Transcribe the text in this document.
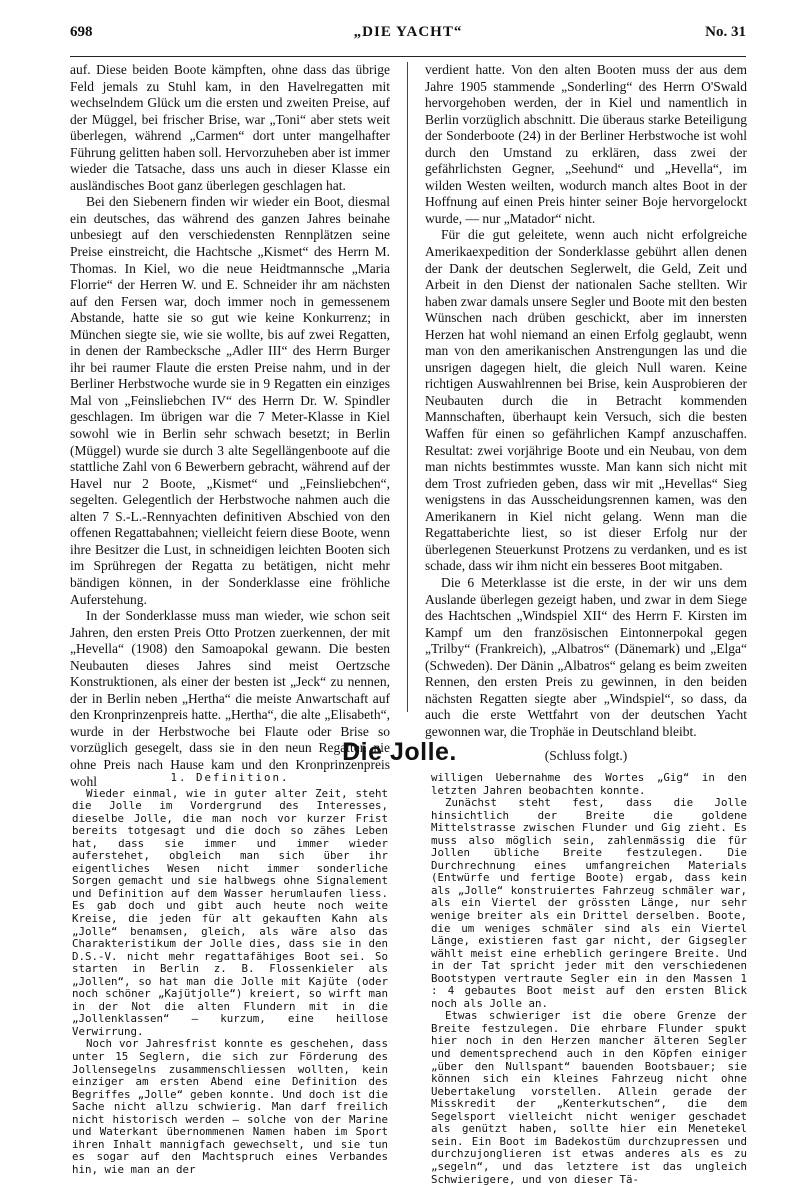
698	„DIE YACHT“	No. 31

auf. Diese beiden Boote kämpften, ohne dass das übrige Feld jemals zu Stuhl kam, in den Havelregatten mit wechselndem Glück um die ersten und zweiten Preise, auf der Müggel, bei frischer Brise, war „Toni“ aber stets weit überlegen, während „Carmen“ dort unter mangelhafter Führung gelitten haben soll. Hervorzuheben aber ist immer wieder die Tatsache, dass uns auch in dieser Klasse ein ausländisches Boot ganz überlegen geschlagen hat.

Bei den Siebenern finden wir wieder ein Boot, diesmal ein deutsches, das während des ganzen Jahres beinahe unbesiegt auf den verschiedensten Rennplätzen seine Preise einstreicht, die Hachtsche „Kismet“ des Herrn M. Thomas. In Kiel, wo die neue Heidtmannsche „Maria Florrie“ der Herren W. und E. Schneider ihr am nächsten auf den Fersen war, doch immer noch in gemessenem Abstande, hatte sie so gut wie keine Konkurrenz; in München siegte sie, wie sie wollte, bis auf zwei Regatten, in denen der Rambecksche „Adler III“ des Herrn Burger ihr bei raumer Flaute die ersten Preise nahm, und in der Berliner Herbstwoche wurde sie in 9 Regatten ein einziges Mal von „Feinsliebchen IV“ des Herrn Dr. W. Spindler geschlagen. Im übrigen war die 7 Meter-Klasse in Kiel sowohl wie in Berlin sehr schwach besetzt; in Berlin (Müggel) wurde sie durch 3 alte Segellängenboote auf die stattliche Zahl von 6 Bewerbern gebracht, während auf der Havel nur 2 Boote, „Kismet“ und „Feinsliebchen“, segelten. Gelegentlich der Herbstwoche nahmen auch die alten 7 S.-L.-Rennyachten definitiven Abschied von den offenen Regattabahnen; vielleicht feiern diese Boote, wenn ihre Besitzer die Lust, in schneidigen leichten Booten sich im Sprühregen der Regatta zu betätigen, nicht mehr bändigen können, in der Sonderklasse eine fröhliche Auferstehung.

In der Sonderklasse muss man wieder, wie schon seit Jahren, den ersten Preis Otto Protzen zuerkennen, der mit „Hevella“ (1908) den Samoapokal gewann. Die besten Neubauten dieses Jahres sind meist Oertzsche Konstruktionen, als einer der besten ist „Jeck“ zu nennen, der in Berlin neben „Hertha“ die meiste Anwartschaft auf den Kronprinzenpreis hatte. „Hertha“, die alte „Elisabeth“, wurde in der Herbstwoche bei Flaute oder Brise so vorzüglich gesegelt, dass sie in den neun Regatten nie ohne Preis nach Hause kam und den Kronprinzenpreis wohl

verdient hatte. Von den alten Booten muss der aus dem Jahre 1905 stammende „Sonderling“ des Herrn O'Swald hervorgehoben werden, der in Kiel und namentlich in Berlin vorzüglich abschnitt. Die überaus starke Beteiligung der Sonderboote (24) in der Berliner Herbstwoche ist wohl durch den Umstand zu erklären, dass zwei der gefährlichsten Gegner, „Seehund“ und „Hevella“, im wilden Westen weilten, wodurch manch altes Boot in der Hoffnung auf einen Preis hinter seiner Boje hervorgelockt wurde, — nur „Matador“ nicht.

Für die gut geleitete, wenn auch nicht erfolgreiche Amerikaexpedition der Sonderklasse gebührt allen denen der Dank der deutschen Seglerwelt, die Geld, Zeit und Arbeit in den Dienst der nationalen Sache stellten. Wir haben zwar damals unsere Segler und Boote mit den besten Wünschen nach drüben geschickt, aber im innersten Herzen hat wohl niemand an einen Erfolg geglaubt, wenn man von den amerikanischen Anstrengungen las und die unsrigen dagegen hielt, die gleich Null waren. Keine richtigen Auswahlrennen bei Brise, kein Ausprobieren der Neubauten durch die in Betracht kommenden Mannschaften, überhaupt kein Versuch, sich die besten Waffen für einen so gefährlichen Kampf anzuschaffen. Resultat: zwei vorjährige Boote und ein Neubau, von dem man nichts bestimmtes wusste. Man kann sich nicht mit dem Trost zufrieden geben, dass wir mit „Hevellas“ Sieg wenigstens in das Ausscheidungsrennen kamen, was den Amerikanern in Kiel nicht gelang. Wenn man die Regattaberichte liest, so ist dieser Erfolg nur der überlegenen Steuerkunst Protzens zu verdanken, und es ist schade, dass wir ihm nicht ein besseres Boot mitgaben.

Die 6 Meterklasse ist die erste, in der wir uns dem Auslande überlegen gezeigt haben, und zwar in dem Siege des Hachtschen „Windspiel XII“ des Herrn F. Kirsten im Kampf um den französischen Eintonnerpokal gegen „Trilby“ (Frankreich), „Albatros“ (Dänemark) und „Elga“ (Schweden). Der Dänin „Albatros“ gelang es beim zweiten Rennen, den ersten Preis zu gewinnen, in den beiden nächsten Regatten siegte aber „Windspiel“, so dass, da auch die erste Wettfahrt von der deutschen Yacht gewonnen war, die Trophäe in Deutschland bleibt.

(Schluss folgt.)

Die Jolle.

1. Definition.

Wieder einmal, wie in guter alter Zeit, steht die Jolle im Vordergrund des Interesses, dieselbe Jolle, die man noch vor kurzer Frist bereits totgesagt und die doch so zähes Leben hat, dass sie immer und immer wieder auferstehet, obgleich man sich über ihr eigentliches Wesen nicht immer sonderliche Sorgen gemacht und sie halbwegs ohne Signalement und Definition auf dem Wasser herumlaufen liess. Es gab doch und gibt auch heute noch weite Kreise, die jeden für alt gekauften Kahn als „Jolle“ benamsen, gleich, als wäre also das Charakteristikum der Jolle dies, dass sie in den D.S.-V. nicht mehr regattafähiges Boot sei. So starten in Berlin z. B. Flossenkieler als „Jollen“, so hat man die Jolle mit Kajüte (oder noch schöner „Kajütjolle“) kreiert, so wirft man in der Not die alten Flundern mit in die „Jollenklassen“ — kurzum, eine heillose Verwirrung.

Noch vor Jahresfrist konnte es geschehen, dass unter 15 Seglern, die sich zur Förderung des Jollensegelns zusammenschliessen wollten, kein einziger am ersten Abend eine Definition des Begriffes „Jolle“ geben konnte. Und doch ist die Sache nicht allzu schwierig. Man darf freilich nicht historisch werden — solche von der Marine und Waterkant übernommenen Namen haben im Sport ihren Inhalt mannigfach gewechselt, und sie tun es sogar auf den Machtspruch eines Verbandes hin, wie man an der

willigen Uebernahme des Wortes „Gig“ in den letzten Jahren beobachten konnte.

Zunächst steht fest, dass die Jolle hinsichtlich der Breite die goldene Mittelstrasse zwischen Flunder und Gig zieht. Es muss also möglich sein, zahlenmässig die für Jollen übliche Breite festzulegen. Die Durchrechnung eines umfangreichen Materials (Entwürfe und fertige Boote) ergab, dass kein als „Jolle“ konstruiertes Fahrzeug schmäler war, als ein Viertel der grössten Länge, nur sehr wenige breiter als ein Drittel derselben. Boote, die um weniges schmäler sind als ein Viertel Länge, existieren fast gar nicht, der Gigsegler wählt meist eine erheblich geringere Breite. Und in der Tat spricht jeder mit den verschiedenen Bootstypen vertraute Segler ein in den Massen 1 : 4 gebautes Boot meist auf den ersten Blick noch als Jolle an.

Etwas schwieriger ist die obere Grenze der Breite festzulegen. Die ehrbare Flunder spukt hier noch in den Herzen mancher älteren Segler und dementsprechend auch in den Köpfen einiger „über den Nullspant“ bauenden Bootsbauer; sie können sich ein kleines Fahrzeug nicht ohne Uebertakelung vorstellen. Allein gerade der Misskredit der „Kenterkutschen“, die dem Segelsport vielleicht nicht weniger geschadet als genützt haben, sollte hier ein Menetekel sein. Ein Boot im Badekostüm durchzupressen und durchzujonglieren ist etwas anderes als es zu „segeln“, und das letztere ist das ungleich Schwierigere, und von dieser Tä-
